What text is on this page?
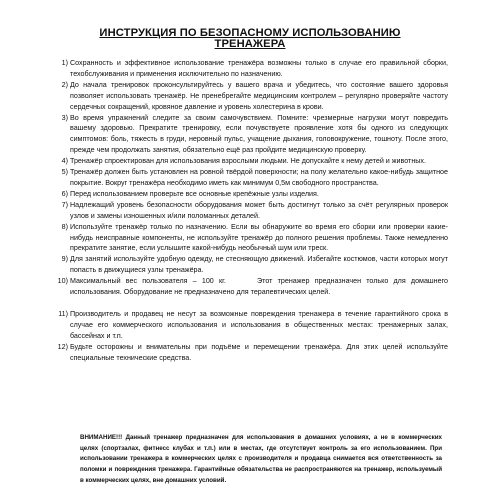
ИНСТРУКЦИЯ ПО БЕЗОПАСНОМУ ИСПОЛЬЗОВАНИЮ
ТРЕНАЖЕРА
1) Сохранность и эффективное использование тренажёра возможны только в случае его правильной сборки, техобслуживания и применения исключительно по назначению.
2) До начала тренировок проконсультируйтесь у вашего врача и убедитесь, что состояние вашего здоровья позволяет использовать тренажёр. Не пренебрегайте медицинским контролем – регулярно проверяйте частоту сердечных сокращений, кровяное давление и уровень холестерина в крови.
3) Во время упражнений следите за своим самочувствием. Помните: чрезмерные нагрузки могут повредить вашему здоровью. Прекратите тренировку, если почувствуете проявление хотя бы одного из следующих симптомов: боль, тяжесть в груди, неровный пульс, учащение дыхания, головокружение, тошноту. После этого, прежде чем продолжать занятия, обязательно ещё раз пройдите медицинскую проверку.
4) Тренажёр спроектирован для использования взрослыми людьми. Не допускайте к нему детей и животных.
5) Тренажёр должен быть установлен на ровной твёрдой поверхности; на полу желательно какое-нибудь защитное покрытие. Вокруг тренажёра необходимо иметь как минимум 0,5м свободного пространства.
6) Перед использованием проверьте все основные крепёжные узлы изделия.
7) Надлежащий уровень безопасности оборудования может быть достигнут только за счёт регулярных проверок узлов и замены изношенных и/или поломанных деталей.
8) Используйте тренажёр только по назначению. Если вы обнаружите во время его сборки или проверки какие-нибудь неисправные компоненты, не используйте тренажёр до полного решения проблемы. Также немедленно прекратите занятие, если услышите какой-нибудь необычный шум или треск.
9) Для занятий используйте удобную одежду, не стесняющую движений. Избегайте костюмов, части которых могут попасть в движущиеся узлы тренажёра.
10) Максимальный вес пользователя – 100 кг.      Этот тренажер предназначен только для домашнего использования. Оборудование не предназначено для терапевтических целей.
11) Производитель и продавец не несут за возможные повреждения тренажера в течение гарантийного срока в случае его коммерческого использования и использования в общественных местах: тренажерных залах, бассейнах и т.п.
12) Будьте осторожны и внимательны при подъёме и перемещении тренажёра. Для этих целей используйте специальные технические средства.
ВНИМАНИЕ!!! Данный тренажер предназначен для использования в домашних условиях, а не в коммерческих целях (спортзалах, фитнесс клубах и т.п.) или в местах, где отсутствует контроль за его использованием. При использовании тренажера в коммерческих целях с производителя и продавца снимается вся ответственность за поломки и повреждения тренажера. Гарантийные обязательства не распространяются на тренажер, используемый в коммерческих целях, вне домашних условий.
